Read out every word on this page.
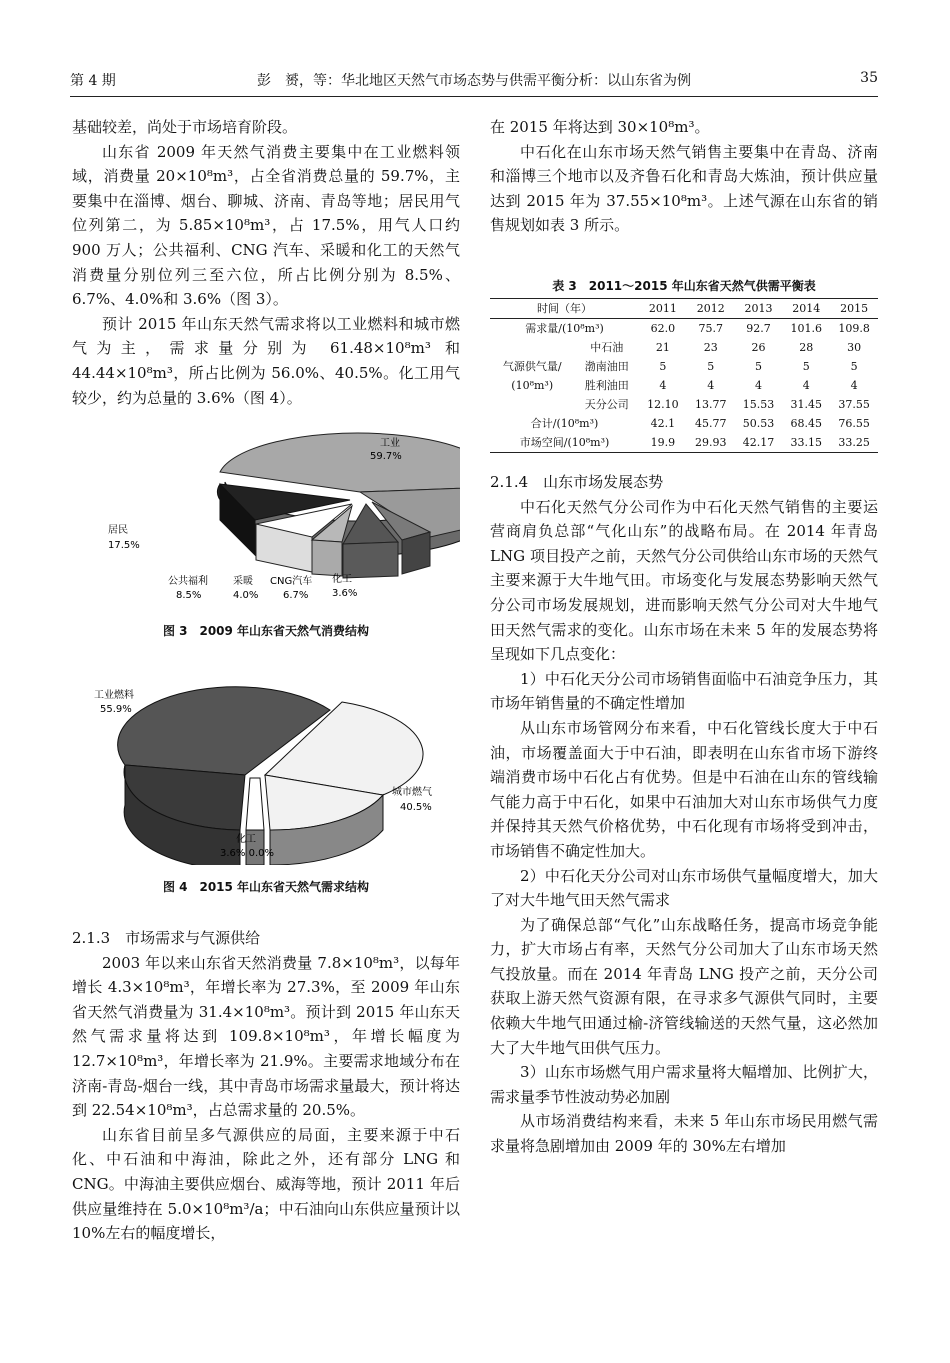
第 4 期	彭　赟，等：华北地区天然气市场态势与供需平衡分析：以山东省为例	35

基础较差，尚处于市场培育阶段。

山东省 2009 年天然气消费主要集中在工业燃料领域，消费量 20×10⁸m³，占全省消费总量的 59.7%，主要集中在淄博、烟台、聊城、济南、青岛等地；居民用气位列第二，为 5.85×10⁸m³，占 17.5%，用气人口约 900 万人；公共福利、CNG 汽车、采暖和化工的天然气消费量分别位列三至六位，所占比例分别为 8.5%、6.7%、4.0%和 3.6%（图 3）。

预计 2015 年山东天然气需求将以工业燃料和城市燃气为主，需求量分别为 61.48×10⁸m³ 和 44.44×10⁸m³，所占比例为 56.0%、40.5%。化工用气较少，约为总量的 3.6%（图 4）。

工业
59.7%
居民
17.5%
公共福利
8.5%
采暖
4.0%
CNG汽车
6.7%
化工
3.6%
图 3　2009 年山东省天然气消费结构
工业燃料
55.9%
城市燃气
40.5%
化工
3.6% 0.0%
图 4　2015 年山东省天然气需求结构

2.1.3　市场需求与气源供给

2003 年以来山东省天然消费量 7.8×10⁸m³，以每年增长 4.3×10⁸m³，年增长率为 27.3%，至 2009 年山东省天然气消费量为 31.4×10⁸m³。预计到 2015 年山东天然气需求量将达到 109.8×10⁸m³，年增长幅度为 12.7×10⁸m³，年增长率为 21.9%。主要需求地域分布在济南-青岛-烟台一线，其中青岛市场需求量最大，预计将达到 22.54×10⁸m³，占总需求量的 20.5%。

山东省目前呈多气源供应的局面，主要来源于中石化、中石油和中海油，除此之外，还有部分 LNG 和 CNG。中海油主要供应烟台、威海等地，预计 2011 年后供应量维持在 5.0×10⁸m³/a；中石油向山东供应量预计以 10%左右的幅度增长，

在 2015 年将达到 30×10⁸m³。

中石化在山东市场天然气销售主要集中在青岛、济南和淄博三个地市以及齐鲁石化和青岛大炼油，预计供应量达到 2015 年为 37.55×10⁸m³。上述气源在山东省的销售规划如表 3 所示。

表 3　2011～2015 年山东省天然气供需平衡表
时间（年）		2011	2012	2013	2014	2015
需求量/(10⁸m³)		62.0	75.7	92.7	101.6	109.8

气源供气量/
(10⁸m³)	中石油	21	23	26	28	30
	渤南油田	5	5	5	5	5
	胜利油田	4	4	4	4	4
	天分公司	12.10	13.77	15.53	31.45	37.55
合计/(10⁸m³)		42.1	45.77	50.53	68.45	76.55
市场空间/(10⁸m³)		19.9	29.93	42.17	33.15	33.25

2.1.4　山东市场发展态势

中石化天然气分公司作为中石化天然气销售的主要运营商肩负总部“气化山东”的战略布局。在 2014 年青岛 LNG 项目投产之前，天然气分公司供给山东市场的天然气主要来源于大牛地气田。市场变化与发展态势影响天然气分公司市场发展规划，进而影响天然气分公司对大牛地气田天然气需求的变化。山东市场在未来 5 年的发展态势将呈现如下几点变化：

1）中石化天分公司市场销售面临中石油竞争压力，其市场年销售量的不确定性增加

从山东市场管网分布来看，中石化管线长度大于中石油，市场覆盖面大于中石油，即表明在山东省市场下游终端消费市场中石化占有优势。但是中石油在山东的管线输气能力高于中石化，如果中石油加大对山东市场供气力度并保持其天然气价格优势，中石化现有市场将受到冲击，市场销售不确定性加大。

2）中石化天分公司对山东市场供气量幅度增大，加大了对大牛地气田天然气需求

为了确保总部“气化”山东战略任务，提高市场竞争能力，扩大市场占有率，天然气分公司加大了山东市场天然气投放量。而在 2014 年青岛 LNG 投产之前，天分公司获取上游天然气资源有限，在寻求多气源供气同时，主要依赖大牛地气田通过榆-济管线输送的天然气量，这必然加大了大牛地气田供气压力。

3）山东市场燃气用户需求量将大幅增加、比例扩大，需求量季节性波动势必加剧

从市场消费结构来看，未来 5 年山东市场民用燃气需求量将急剧增加由 2009 年的 30%左右增加
